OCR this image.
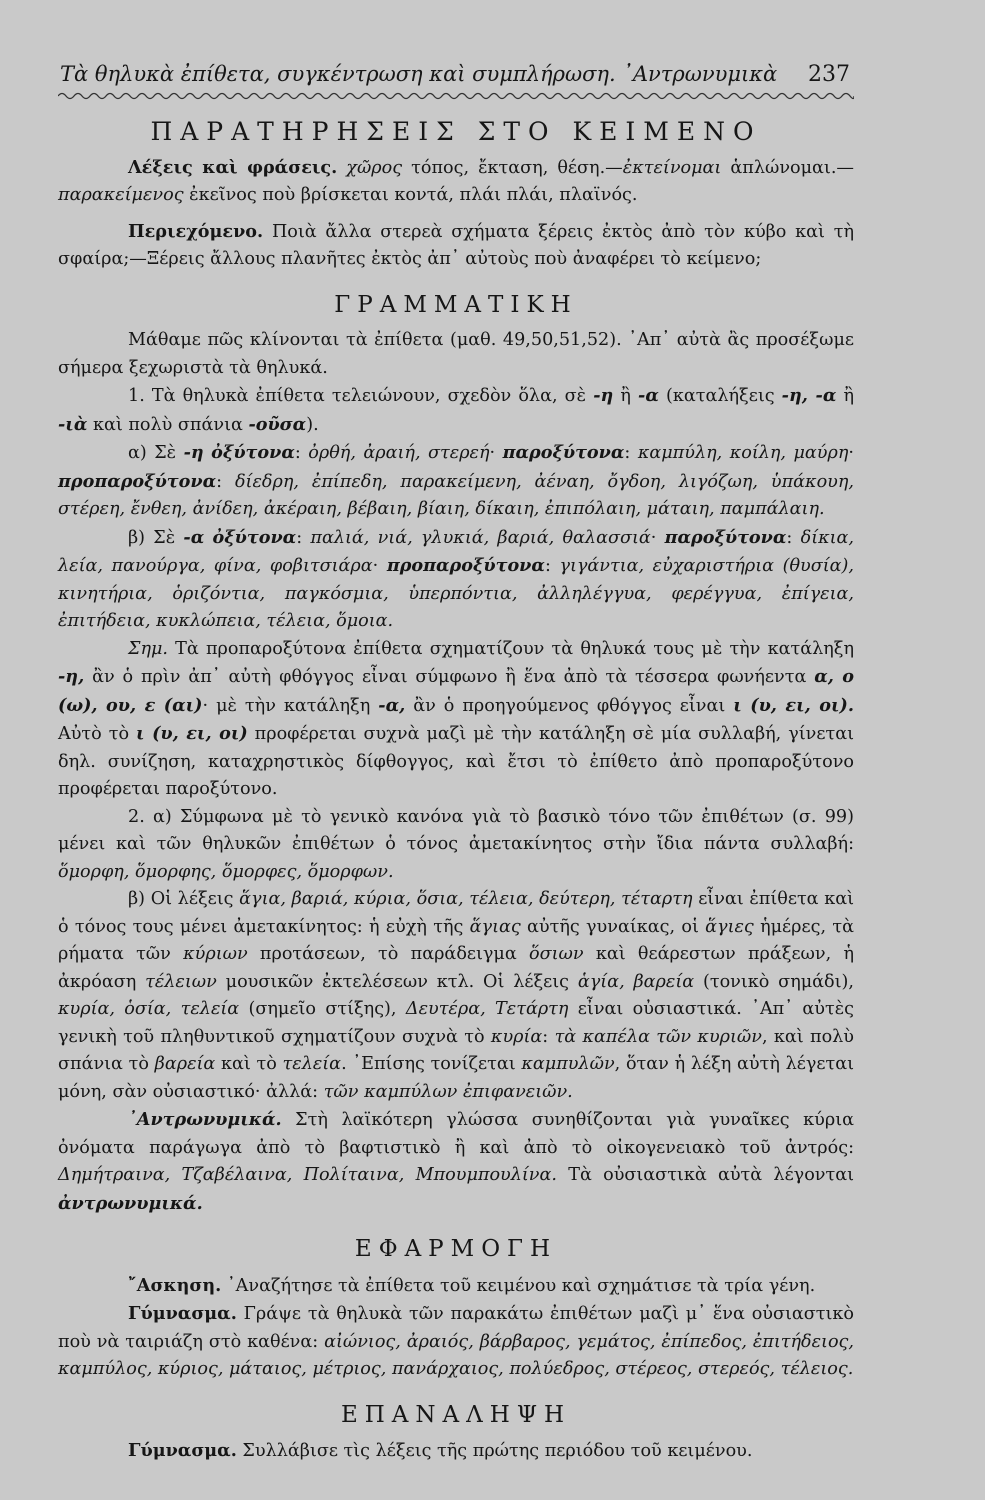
Τὰ θηλυκὰ ἐπίθετα, συγκέντρωση καὶ συμπλήρωση. ᾿Αντρωνυμικὰ 237
ΠΑΡΑΤΗΡΗΣΕΙΣ ΣΤΟ ΚΕΙΜΕΝΟ

Λέξεις καὶ φράσεις. χῶρος τόπος, ἔκταση, θέση.—ἐκτείνομαι ἁπλώνομαι.— παρακείμενος ἐκεῖνος ποὺ βρίσκεται κοντά, πλάι πλάι, πλαϊνός.

Περιεχόμενο. Ποιὰ ἄλλα στερεὰ σχήματα ξέρεις ἐκτὸς ἀπὸ τὸν κύβο καὶ τὴ σφαίρα;—Ξέρεις ἄλλους πλανῆτες ἐκτὸς ἀπ᾿ αὐτοὺς ποὺ ἀναφέρει τὸ κείμενο;

ΓΡΑΜΜΑΤΙΚΗ

Μάθαμε πῶς κλίνονται τὰ ἐπίθετα (μαθ. 49,50,51,52). ᾿Απ᾿ αὐτὰ ἂς προσέξωμε σήμερα ξεχωριστὰ τὰ θηλυκά.

1. Τὰ θηλυκὰ ἐπίθετα τελειώνουν, σχεδὸν ὅλα, σὲ -η ἢ -α (καταλήξεις -η, -α ἢ -ιὰ καὶ πολὺ σπάνια -οῦσα).

α) Σὲ -η ὀξύτονα: ὀρθή, ἀραιή, στερεή· παροξύτονα: καμπύλη, κοίλη, μαύρη· προπαροξύτονα: δίεδρη, ἐπίπεδη, παρακείμενη, ἀέναη, ὄγδοη, λιγόζωη, ὑπάκουη, στέρεη, ἔνθεη, ἀνίδεη, ἀκέραιη, βέβαιη, βίαιη, δίκαιη, ἐπιπόλαιη, μάταιη, παμπάλαιη.

β) Σὲ -α ὀξύτονα: παλιά, νιά, γλυκιά, βαριά, θαλασσιά· παροξύτονα: δίκια, λεία, πανούργα, φίνα, φοβιτσιάρα· προπαροξύτονα: γιγάντια, εὐχαριστήρια (θυσία), κινητήρια, ὁριζόντια, παγκόσμια, ὑπερπόντια, ἀλληλέγγυα, φερέγγυα, ἐπίγεια, ἐπιτήδεια, κυκλώπεια, τέλεια, ὅμοια.

Σημ. Τὰ προπαροξύτονα ἐπίθετα σχηματίζουν τὰ θηλυκά τους μὲ τὴν κατάληξη -η, ἂν ὁ πρὶν ἀπ᾿ αὐτὴ φθόγγος εἶναι σύμφωνο ἢ ἕνα ἀπὸ τὰ τέσσερα φωνήεντα α, ο (ω), ου, ε (αι)· μὲ τὴν κατάληξη -α, ἂν ὁ προηγούμενος φθόγγος εἶναι ι (υ, ει, οι). Αὐτὸ τὸ ι (υ, ει, οι) προφέρεται συχνὰ μαζὶ μὲ τὴν κατάληξη σὲ μία συλλαβή, γίνεται δηλ. συνίζηση, καταχρηστικὸς δίφθογγος, καὶ ἔτσι τὸ ἐπίθετο ἀπὸ προπαροξύτονο προφέρεται παροξύτονο.

2. α) Σύμφωνα μὲ τὸ γενικὸ κανόνα γιὰ τὸ βασικὸ τόνο τῶν ἐπιθέτων (σ. 99) μένει καὶ τῶν θηλυκῶν ἐπιθέτων ὁ τόνος ἀμετακίνητος στὴν ἴδια πάντα συλλαβή: ὅμορφη, ὅμορφης, ὅμορφες, ὅμορφων.

β) Οἱ λέξεις ἅγια, βαριά, κύρια, ὅσια, τέλεια, δεύτερη, τέταρτη εἶναι ἐπίθετα καὶ ὁ τόνος τους μένει ἀμετακίνητος: ἡ εὐχὴ τῆς ἅγιας αὐτῆς γυναίκας, οἱ ἅγιες ἡμέρες, τὰ ρήματα τῶν κύριων προτάσεων, τὸ παράδειγμα ὅσιων καὶ θεάρεστων πράξεων, ἡ ἀκρόαση τέλειων μουσικῶν ἐκτελέσεων κτλ. Οἱ λέξεις ἁγία, βαρεία (τονικὸ σημάδι), κυρία, ὁσία, τελεία (σημεῖο στίξης), Δευτέρα, Τετάρτη εἶναι οὐσιαστικά. ᾿Απ᾿ αὐτὲς γενικὴ τοῦ πληθυντικοῦ σχηματίζουν συχνὰ τὸ κυρία: τὰ καπέλα τῶν κυριῶν, καὶ πολὺ σπάνια τὸ βαρεία καὶ τὸ τελεία. ᾿Επίσης τονίζεται καμπυλῶν, ὅταν ἡ λέξη αὐτὴ λέγεται μόνη, σὰν οὐσιαστικό· ἀλλά: τῶν καμπύλων ἐπιφανειῶν.

᾿Αντρωνυμικά. Στὴ λαϊκότερη γλώσσα συνηθίζονται γιὰ γυναῖκες κύρια ὀνόματα παράγωγα ἀπὸ τὸ βαφτιστικὸ ἢ καὶ ἀπὸ τὸ οἰκογενειακὸ τοῦ ἀντρός: Δημήτραινα, Τζαβέλαινα, Πολίταινα, Μπουμπουλίνα. Τὰ οὐσιαστικὰ αὐτὰ λέγονται ἀντρωνυμικά.

ΕΦΑΡΜΟΓΗ

῎Ασκηση. ᾿Αναζήτησε τὰ ἐπίθετα τοῦ κειμένου καὶ σχημάτισε τὰ τρία γένη.

Γύμνασμα. Γράψε τὰ θηλυκὰ τῶν παρακάτω ἐπιθέτων μαζὶ μ᾿ ἕνα οὐσιαστικὸ ποὺ νὰ ταιριάζη στὸ καθένα: αἰώνιος, ἀραιός, βάρβαρος, γεμάτος, ἐπίπεδος, ἐπιτήδειος, καμπύλος, κύριος, μάταιος, μέτριος, πανάρχαιος, πολύεδρος, στέρεος, στερεός, τέλειος.

ΕΠΑΝΑΛΗΨΗ

Γύμνασμα. Συλλάβισε τὶς λέξεις τῆς πρώτης περιόδου τοῦ κειμένου.
